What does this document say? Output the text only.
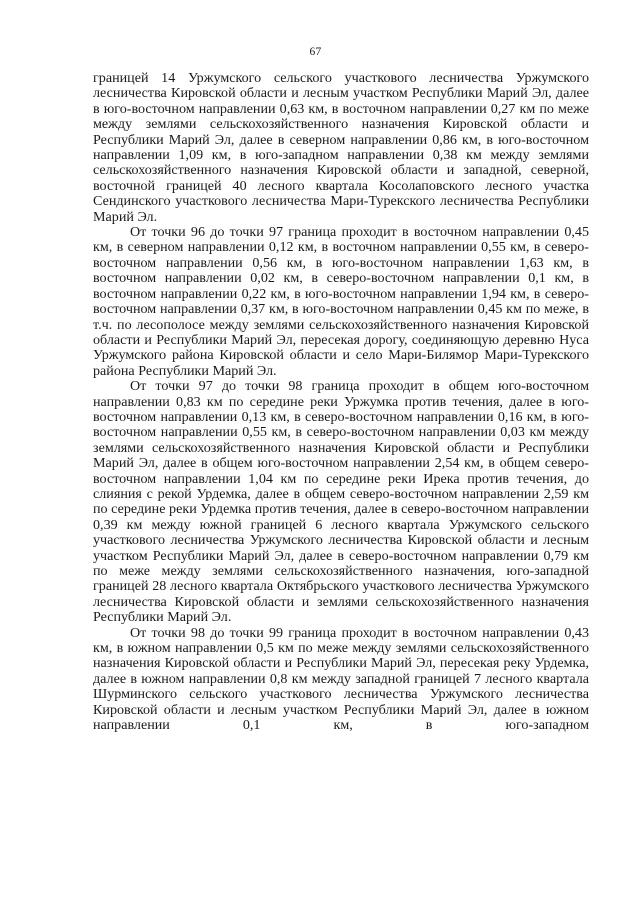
67

границей 14 Уржумского сельского участкового лесничества Уржумского лесничества Кировской области и лесным участком Республики Марий Эл, далее в юго-восточном направлении 0,63 км, в восточном направлении 0,27 км по меже между землями сельскохозяйственного назначения Кировской области и Республики Марий Эл, далее в северном направлении 0,86 км, в юго-восточном направлении 1,09 км, в юго-западном направлении 0,38 км между землями сельскохозяйственного назначения Кировской области и западной, северной, восточной границей 40 лесного квартала Косолаповского лесного участка Сендинского участкового лесничества Мари-Турекского лесничества Республики Марий Эл.

От точки 96 до точки 97 граница проходит в восточном направлении 0,45 км, в северном направлении 0,12 км, в восточном направлении 0,55 км, в северо-восточном направлении 0,56 км, в юго-восточном направлении 1,63 км, в восточном направлении 0,02 км, в северо-восточном направлении 0,1 км, в восточном направлении 0,22 км, в юго-восточном направлении 1,94 км, в северо-восточном направлении 0,37 км, в юго-восточном направлении 0,45 км по меже, в т.ч. по лесополосе между землями сельскохозяйственного назначения Кировской области и Республики Марий Эл, пересекая дорогу, соединяющую деревню Нуса Уржумского района Кировской области и село Мари-Билямор Мари-Турекского района Республики Марий Эл.

От точки 97 до точки 98 граница проходит в общем юго-восточном направлении 0,83 км по середине реки Уржумка против течения, далее в юго-восточном направлении 0,13 км, в северо-восточном направлении 0,16 км, в юго-восточном направлении 0,55 км, в северо-восточном направлении 0,03 км между землями сельскохозяйственного назначения Кировской области и Республики Марий Эл, далее в общем юго-восточном направлении 2,54 км, в общем северо-восточном направлении 1,04 км по середине реки Ирека против течения, до слияния с рекой Урдемка, далее в общем северо-восточном направлении 2,59 км по середине реки Урдемка против течения, далее в северо-восточном направлении 0,39 км между южной границей 6 лесного квартала Уржумского сельского участкового лесничества Уржумского лесничества Кировской области и лесным участком Республики Марий Эл, далее в северо-восточном направлении 0,79 км по меже между землями сельскохозяйственного назначения, юго-западной границей 28 лесного квартала Октябрьского участкового лесничества Уржумского лесничества Кировской области и землями сельскохозяйственного назначения Республики Марий Эл.

От точки 98 до точки 99 граница проходит в восточном направлении 0,43 км, в южном направлении 0,5 км по меже между землями сельскохозяйственного назначения Кировской области и Республики Марий Эл, пересекая реку Урдемка, далее в южном направлении 0,8 км между западной границей 7 лесного квартала Шурминского сельского участкового лесничества Уржумского лесничества Кировской области и лесным участком Республики Марий Эл, далее в южном направлении 0,1 км, в юго-западном
